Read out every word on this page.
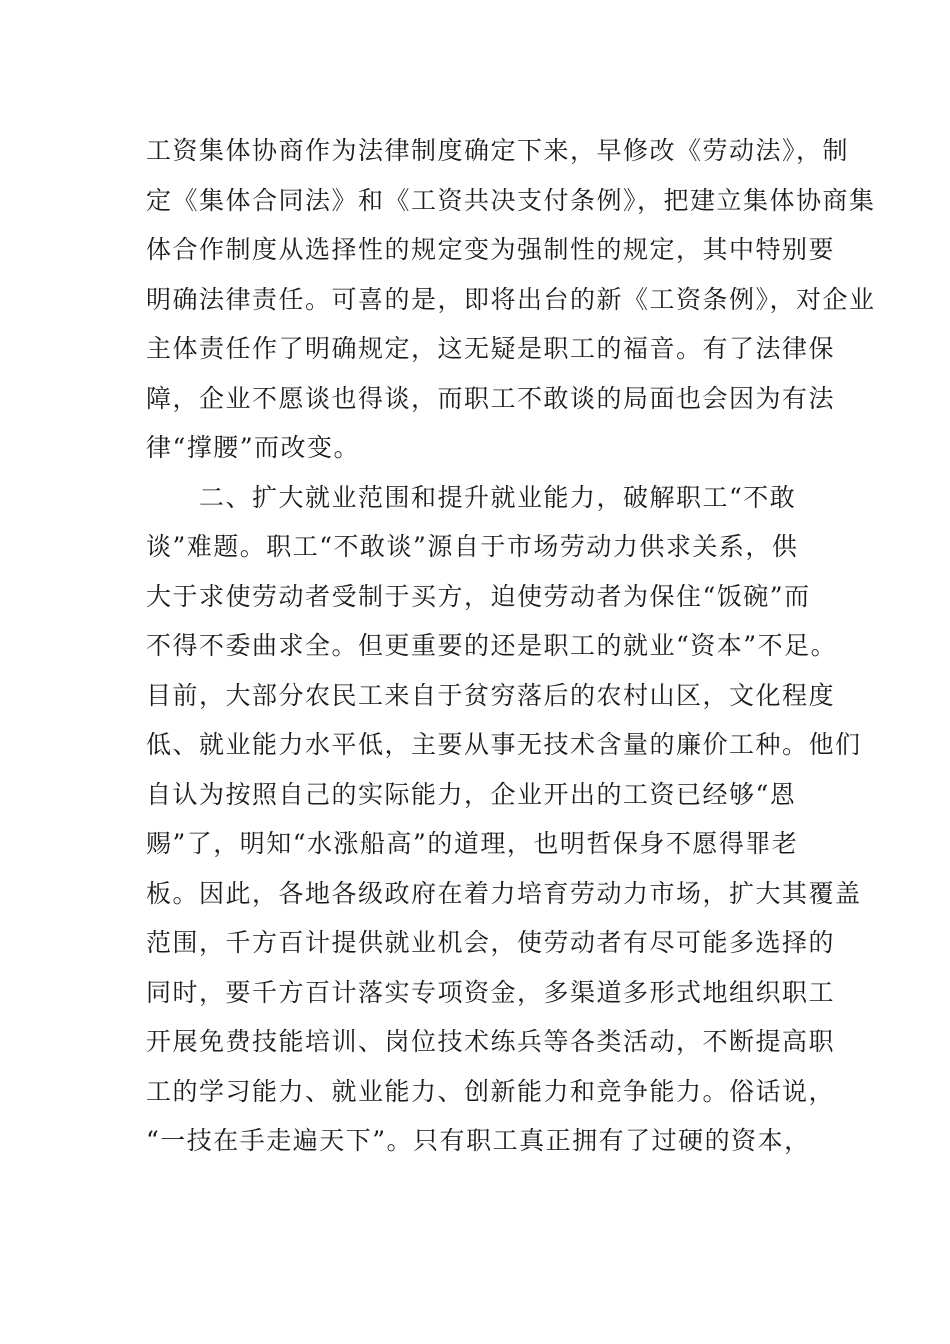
工资集体协商作为法律制度确定下来，早修改《劳动法》，制
定《集体合同法》和《工资共决支付条例》，把建立集体协商集
体合作制度从选择性的规定变为强制性的规定，其中特别要
明确法律责任。可喜的是，即将出台的新《工资条例》，对企业
主体责任作了明确规定，这无疑是职工的福音。有了法律保
障，企业不愿谈也得谈，而职工不敢谈的局面也会因为有法
律“撑腰”而改变。
　　二、扩大就业范围和提升就业能力，破解职工“不敢
谈”难题。职工“不敢谈”源自于市场劳动力供求关系，供
大于求使劳动者受制于买方，迫使劳动者为保住“饭碗”而
不得不委曲求全。但更重要的还是职工的就业“资本”不足。
目前，大部分农民工来自于贫穷落后的农村山区，文化程度
低、就业能力水平低，主要从事无技术含量的廉价工种。他们
自认为按照自己的实际能力，企业开出的工资已经够“恩
赐”了，明知“水涨船高”的道理，也明哲保身不愿得罪老
板。因此，各地各级政府在着力培育劳动力市场，扩大其覆盖
范围，千方百计提供就业机会，使劳动者有尽可能多选择的
同时，要千方百计落实专项资金，多渠道多形式地组织职工
开展免费技能培训、岗位技术练兵等各类活动，不断提高职
工的学习能力、就业能力、创新能力和竞争能力。俗话说，
“一技在手走遍天下”。只有职工真正拥有了过硬的资本，
